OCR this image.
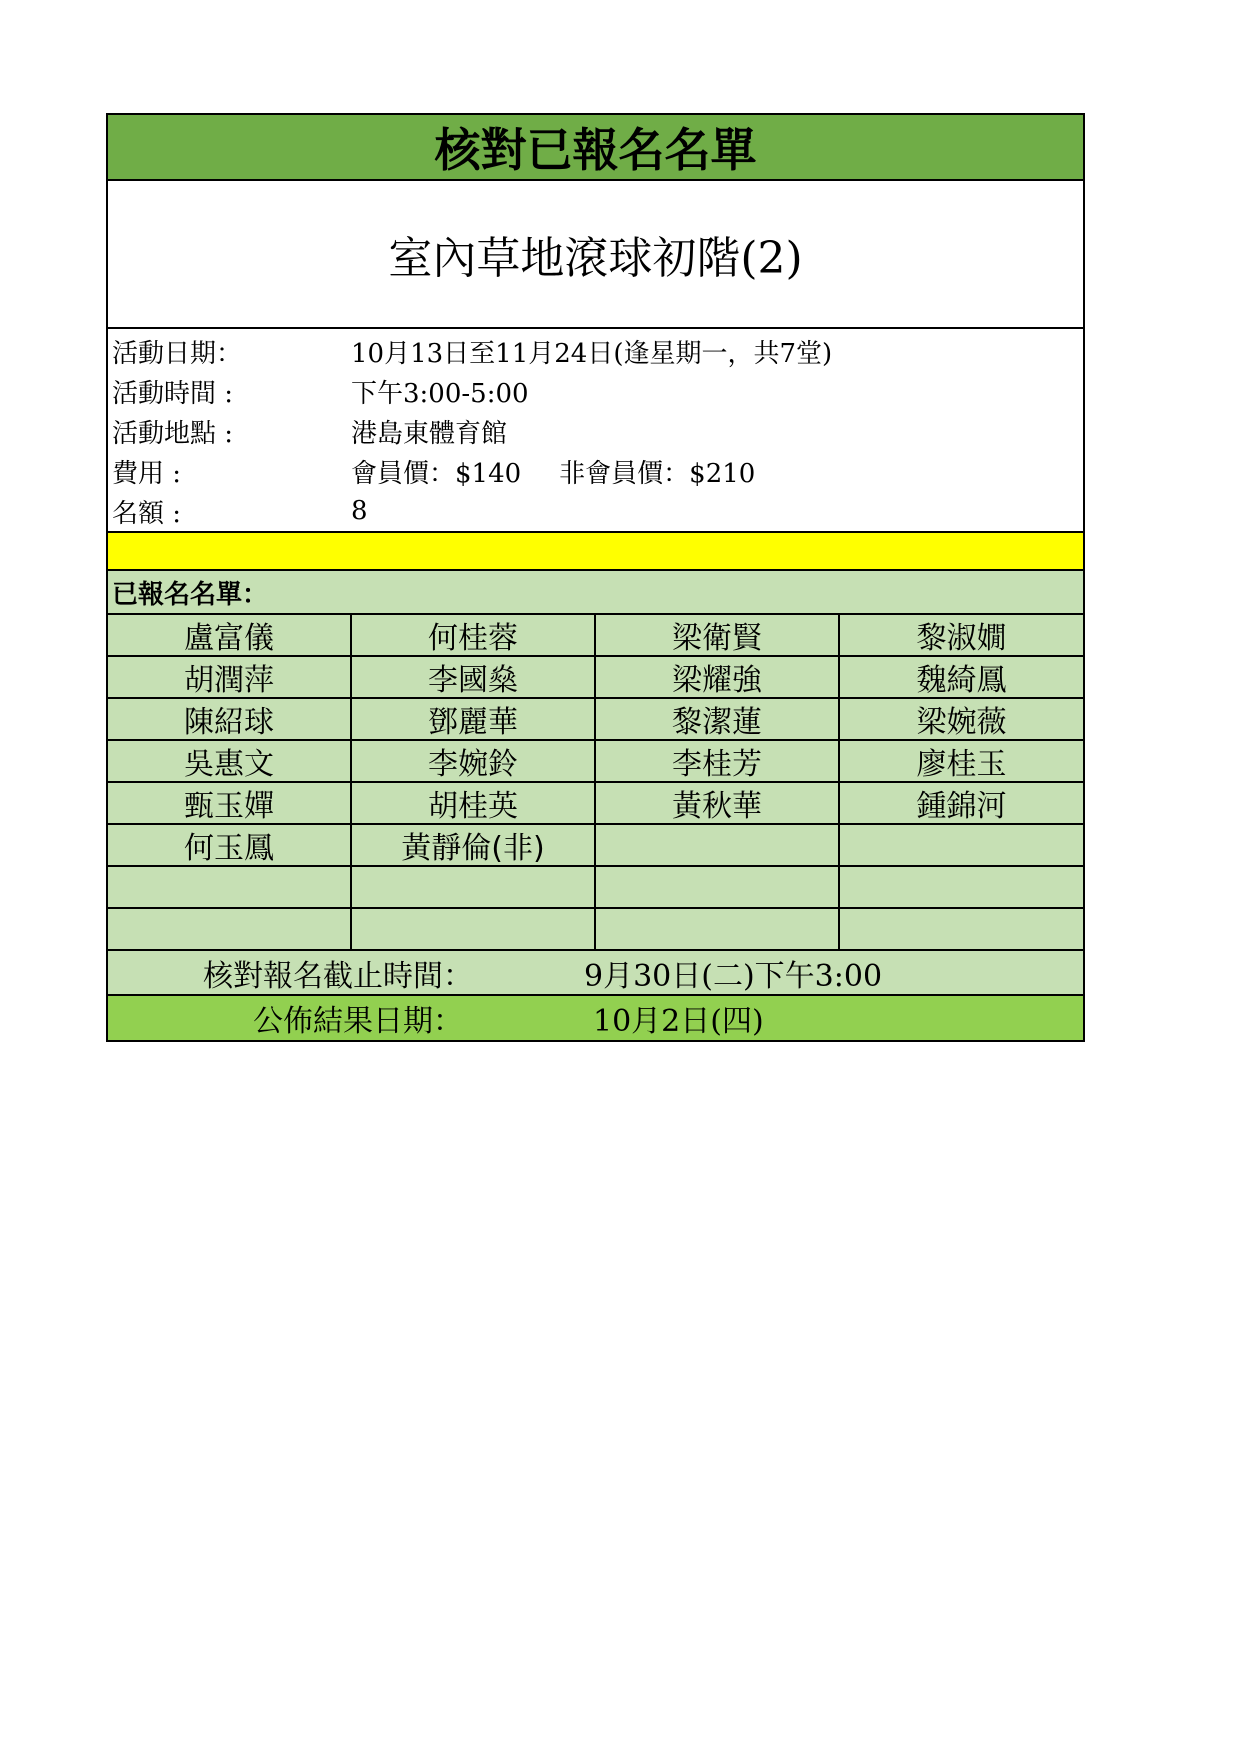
核對已報名名單
室內草地滾球初階(2)
活動日期：	10月13日至11月24日(逢星期一，共7堂)
活動時間 :	下午3:00-5:00
活動地點 :	港島東體育館
費用 :	會員價：$140 非會員價：$210
名額 :	8
已報名名單：
盧富儀	何桂蓉	梁衛賢	黎淑嫺
胡潤萍	李國燊	梁耀強	魏綺鳳
陳紹球	鄧麗華	黎潔蓮	梁婉薇
吳惠文	李婉鈴	李桂芳	廖桂玉
甄玉嬋	胡桂英	黃秋華	鍾錦河
何玉鳳	黃靜倫(非)
核對報名截止時間：	9月30日(二)下午3:00
公佈結果日期：	10月2日(四)
